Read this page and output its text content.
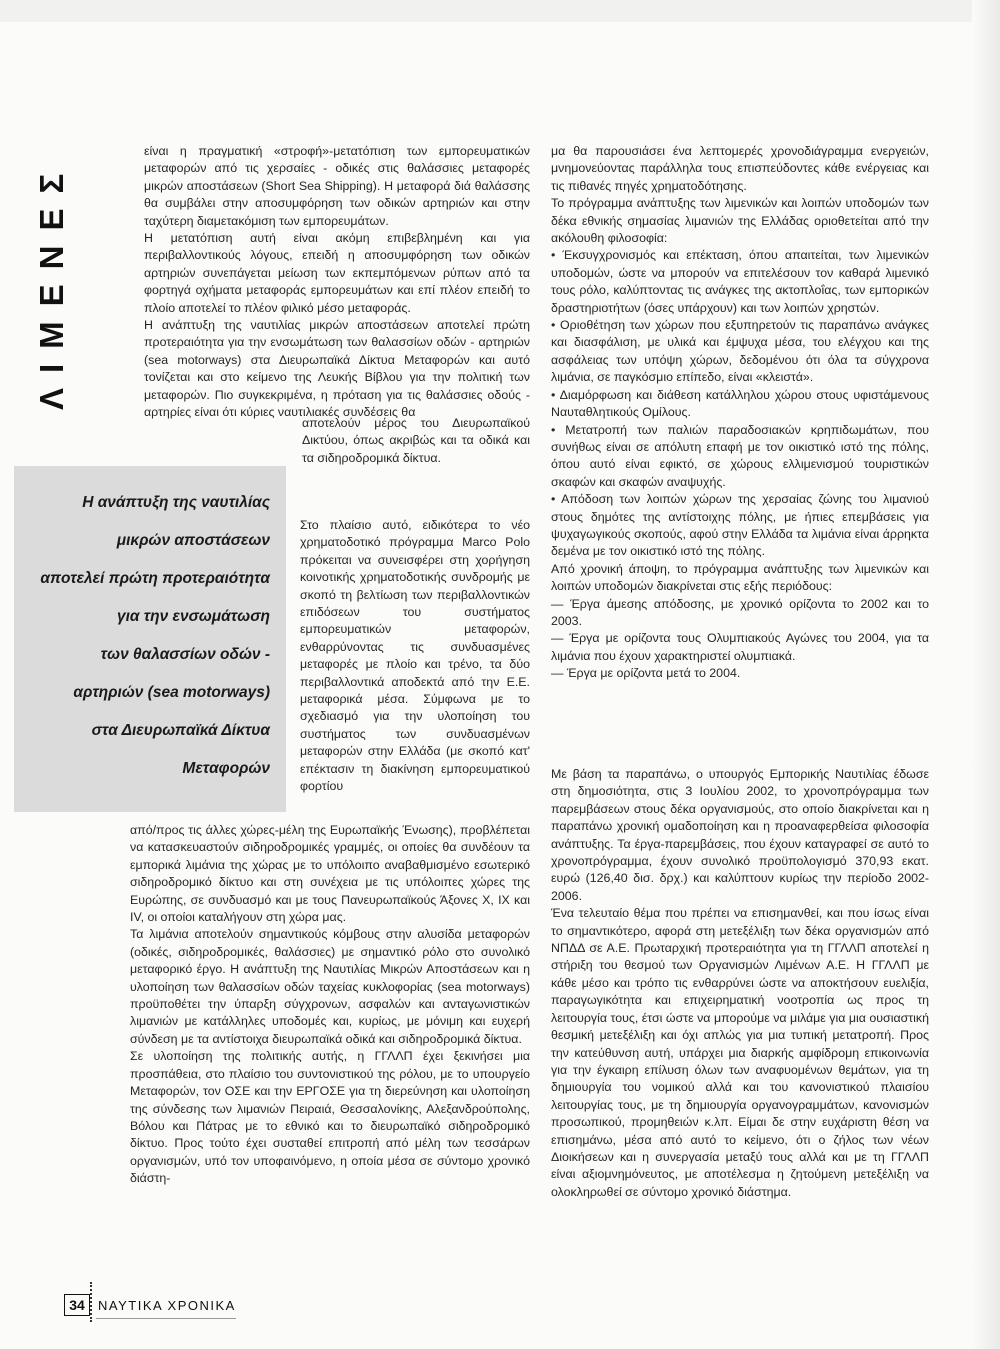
ΛΙΜΕΝΕΣ

είναι η πραγματική «στροφή»-μετατόπιση των εμπορευματικών μεταφορών από τις χερσαίες - οδικές στις θαλάσσιες μεταφορές μικρών αποστάσεων (Short Sea Shipping). Η μεταφορά διά θαλάσσης θα συμβάλει στην αποσυμφόρηση των οδικών αρτηριών και στην ταχύτερη διαμετακόμιση των εμπορευμάτων.

Η μετατόπιση αυτή είναι ακόμη επιβεβλημένη και για περιβαλλοντικούς λόγους, επειδή η αποσυμφόρηση των οδικών αρτηριών συνεπάγεται μείωση των εκπεμπόμενων ρύπων από τα φορτηγά οχήματα μεταφοράς εμπορευμάτων και επί πλέον επειδή το πλοίο αποτελεί το πλέον φιλικό μέσο μεταφοράς.

Η ανάπτυξη της ναυτιλίας μικρών αποστάσεων αποτελεί πρώτη προτεραιότητα για την ενσωμάτωση των θαλασσίων οδών - αρτηριών (sea motorways) στα Διευρωπαϊκά Δίκτυα Μεταφορών και αυτό τονίζεται και στο κείμενο της Λευκής Βίβλου για την πολιτική των μεταφορών. Πιο συγκεκριμένα, η πρόταση για τις θαλάσσιες οδούς - αρτηρίες είναι ότι κύριες ναυτιλιακές συνδέσεις θα

αποτελούν μέρος του Διευρωπαϊκού Δικτύου, όπως ακριβώς και τα οδικά και τα σιδηροδρομικά δίκτυα.

Στο πλαίσιο αυτό, ειδικότερα το νέο χρηματοδοτικό πρόγραμμα Marco Polo πρόκειται να συνεισφέρει στη χορήγηση κοινοτικής χρηματοδοτικής συνδρομής με σκοπό τη βελτίωση των περιβαλλοντικών επιδόσεων του συστήματος εμπορευματικών μεταφορών, ενθαρρύνοντας τις συνδυασμένες μεταφορές με πλοίο και τρένο, τα δύο περιβαλλοντικά αποδεκτά από την Ε.Ε. μεταφορικά μέσα. Σύμφωνα με το σχεδιασμό για την υλοποίηση του συστήματος των συνδυασμένων μεταφορών στην Ελλάδα (με σκοπό κατ' επέκτασιν τη διακίνηση εμπορευματικού φορτίου

Η ανάπτυξη της ναυτιλίας

μικρών αποστάσεων

αποτελεί πρώτη προτεραιότητα

για την ενσωμάτωση

των θαλασσίων οδών -

αρτηριών (sea motorways)

στα Διευρωπαϊκά Δίκτυα

Μεταφορών

από/προς τις άλλες χώρες-μέλη της Ευρωπαϊκής Ένωσης), προβλέπεται να κατασκευαστούν σιδηροδρομικές γραμμές, οι οποίες θα συνδέουν τα εμπορικά λιμάνια της χώρας με το υπόλοιπο αναβαθμισμένο εσωτερικό σιδηροδρομικό δίκτυο και στη συνέχεια με τις υπόλοιπες χώρες της Ευρώπης, σε συνδυασμό και με τους Πανευρωπαϊκούς Άξονες Χ, ΙΧ και IV, οι οποίοι καταλήγουν στη χώρα μας.

Τα λιμάνια αποτελούν σημαντικούς κόμβους στην αλυσίδα μεταφορών (οδικές, σιδηροδρομικές, θαλάσσιες) με σημαντικό ρόλο στο συνολικό μεταφορικό έργο. Η ανάπτυξη της Ναυτιλίας Μικρών Αποστάσεων και η υλοποίηση των θαλασσίων οδών ταχείας κυκλοφορίας (sea motorways) προϋποθέτει την ύπαρξη σύγχρονων, ασφαλών και ανταγωνιστικών λιμανιών με κατάλληλες υποδομές και, κυρίως, με μόνιμη και ευχερή σύνδεση με τα αντίστοιχα διευρωπαϊκά οδικά και σιδηροδρομικά δίκτυα.

Σε υλοποίηση της πολιτικής αυτής, η ΓΓΛΛΠ έχει ξεκινήσει μια προσπάθεια, στο πλαίσιο του συντονιστικού της ρόλου, με το υπουργείο Μεταφορών, τον ΟΣΕ και την ΕΡΓΟΣΕ για τη διερεύνηση και υλοποίηση της σύνδεσης των λιμανιών Πειραιά, Θεσσαλονίκης, Αλεξανδρούπολης, Βόλου και Πάτρας με το εθνικό και το διευρωπαϊκό σιδηροδρομικό δίκτυο. Προς τούτο έχει συσταθεί επιτροπή από μέλη των τεσσάρων οργανισμών, υπό τον υποφαινόμενο, η οποία μέσα σε σύντομο χρονικό διάστη-

μα θα παρουσιάσει ένα λεπτομερές χρονοδιάγραμμα ενεργειών, μνημονεύοντας παράλληλα τους επισπεύδοντες κάθε ενέργειας και τις πιθανές πηγές χρηματοδότησης.

Το πρόγραμμα ανάπτυξης των λιμενικών και λοιπών υποδομών των δέκα εθνικής σημασίας λιμανιών της Ελλάδας οριοθετείται από την ακόλουθη φιλοσοφία:

• Έκσυγχρονισμός και επέκταση, όπου απαιτείται, των λιμενικών υποδομών, ώστε να μπορούν να επιτελέσουν τον καθαρά λιμενικό τους ρόλο, καλύπτοντας τις ανάγκες της ακτοπλοΐας, των εμπορικών δραστηριοτήτων (όσες υπάρχουν) και των λοιπών χρηστών.

• Οριοθέτηση των χώρων που εξυπηρετούν τις παραπάνω ανάγκες και διασφάλιση, με υλικά και έμψυχα μέσα, του ελέγχου και της ασφάλειας των υπόψη χώρων, δεδομένου ότι όλα τα σύγχρονα λιμάνια, σε παγκόσμιο επίπεδο, είναι «κλειστά».

• Διαμόρφωση και διάθεση κατάλληλου χώρου στους υφιστάμενους Ναυταθλητικούς Ομίλους.

• Μετατροπή των παλιών παραδοσιακών κρηπιδωμάτων, που συνήθως είναι σε απόλυτη επαφή με τον οικιστικό ιστό της πόλης, όπου αυτό είναι εφικτό, σε χώρους ελλιμενισμού τουριστικών σκαφών και σκαφών αναψυχής.

• Απόδοση των λοιπών χώρων της χερσαίας ζώνης του λιμανιού στους δημότες της αντίστοιχης πόλης, με ήπιες επεμβάσεις για ψυχαγωγικούς σκοπούς, αφού στην Ελλάδα τα λιμάνια είναι άρρηκτα δεμένα με τον οικιστικό ιστό της πόλης.

Από χρονική άποψη, το πρόγραμμα ανάπτυξης των λιμενικών και λοιπών υποδομών διακρίνεται στις εξής περιόδους:

— Έργα άμεσης απόδοσης, με χρονικό ορίζοντα το 2002 και το 2003.

— Έργα με ορίζοντα τους Ολυμπιακούς Αγώνες του 2004, για τα λιμάνια που έχουν χαρακτηριστεί ολυμπιακά.

— Έργα με ορίζοντα μετά το 2004.

Με βάση τα παραπάνω, ο υπουργός Εμπορικής Ναυτιλίας έδωσε στη δημοσιότητα, στις 3 Ιουλίου 2002, το χρονοπρόγραμμα των παρεμβάσεων στους δέκα οργανισμούς, στο οποίο διακρίνεται και η παραπάνω χρονική ομαδοποίηση και η προαναφερθείσα φιλοσοφία ανάπτυξης. Τα έργα-παρεμβάσεις, που έχουν καταγραφεί σε αυτό το χρονοπρόγραμμα, έχουν συνολικό προϋπολογισμό 370,93 εκατ. ευρώ (126,40 δισ. δρχ.) και καλύπτουν κυρίως την περίοδο 2002-2006.

Ένα τελευταίο θέμα που πρέπει να επισημανθεί, και που ίσως είναι το σημαντικότερο, αφορά στη μετεξέλιξη των δέκα οργανισμών από ΝΠΔΔ σε Α.Ε. Πρωταρχική προτεραιότητα για τη ΓΓΛΛΠ αποτελεί η στήριξη του θεσμού των Οργανισμών Λιμένων Α.Ε. Η ΓΓΛΛΠ με κάθε μέσο και τρόπο τις ενθαρρύνει ώστε να αποκτήσουν ευελιξία, παραγωγικότητα και επιχειρηματική νοοτροπία ως προς τη λειτουργία τους, έτσι ώστε να μπορούμε να μιλάμε για μια ουσιαστική θεσμική μετεξέλιξη και όχι απλώς για μια τυπική μετατροπή. Προς την κατεύθυνση αυτή, υπάρχει μια διαρκής αμφίδρομη επικοινωνία για την έγκαιρη επίλυση όλων των αναφυομένων θεμάτων, για τη δημιουργία του νομικού αλλά και του κανονιστικού πλαισίου λειτουργίας τους, με τη δημιουργία οργανογραμμάτων, κανονισμών προσωπικού, προμηθειών κ.λπ. Είμαι δε στην ευχάριστη θέση να επισημάνω, μέσα από αυτό το κείμενο, ότι ο ζήλος των νέων Διοικήσεων και η συνεργασία μεταξύ τους αλλά και με τη ΓΓΛΛΠ είναι αξιομνημόνευτος, με αποτέλεσμα η ζητούμενη μετεξέλιξη να ολοκληρωθεί σε σύντομο χρονικό διάστημα.

34	ΝΑΥΤΙΚΑ ΧΡΟΝΙΚΑ
